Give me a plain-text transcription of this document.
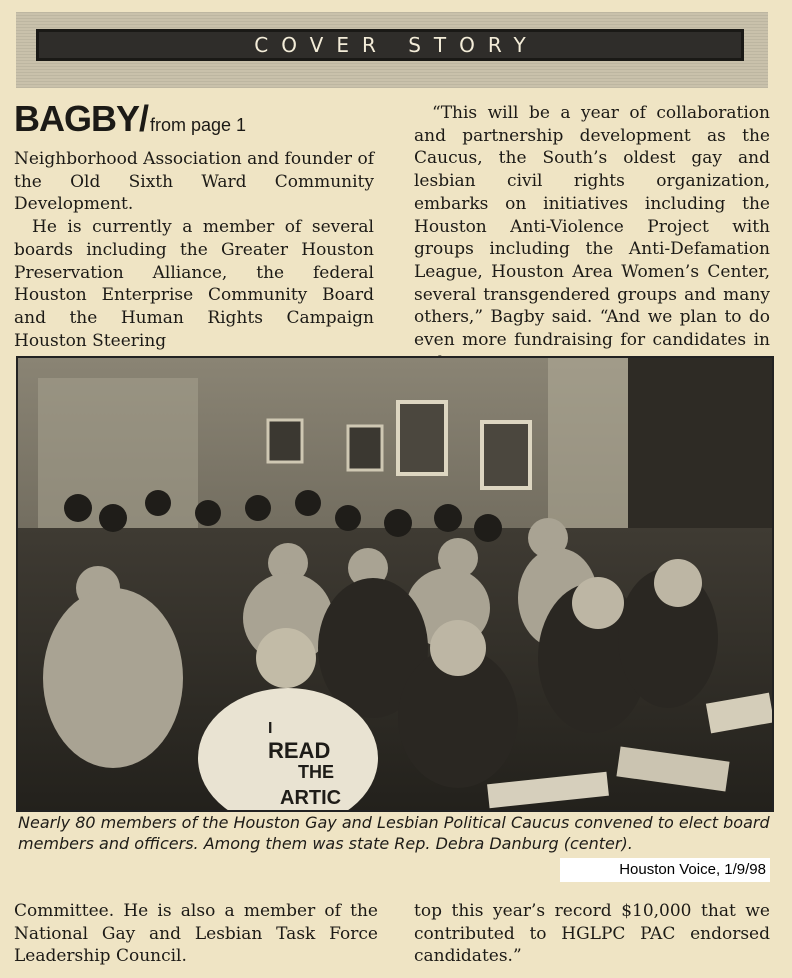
COVER STORY
BAGBY/ from page 1

Neighborhood Association and founder of the Old Sixth Ward Community Development.

He is currently a member of several boards including the Greater Houston Preservation Alliance, the federal Houston Enterprise Community Board and the Human Rights Campaign Houston Steering

“This will be a year of collaboration and partnership development as the Caucus, the South’s oldest gay and lesbian civil rights organization, embarks on initiatives including the Houston Anti-Violence Project with groups including the Anti-Defamation League, Houston Area Women’s Center, several transgendered groups and many others,” Bagby said. “And we plan to do even more fundraising for candidates in

I
READ
THE
ARTIC
Nearly 80 members of the Houston Gay and Lesbian Political Caucus convened to elect board members and officers. Among them was state Rep. Debra Danburg (center).
Houston Voice, 1/9/98

Committee. He is also a member of the National Gay and Lesbian Task Force Leadership Council.

top this year’s record $10,000 that we contributed to HGLPC PAC endorsed candidates.”
